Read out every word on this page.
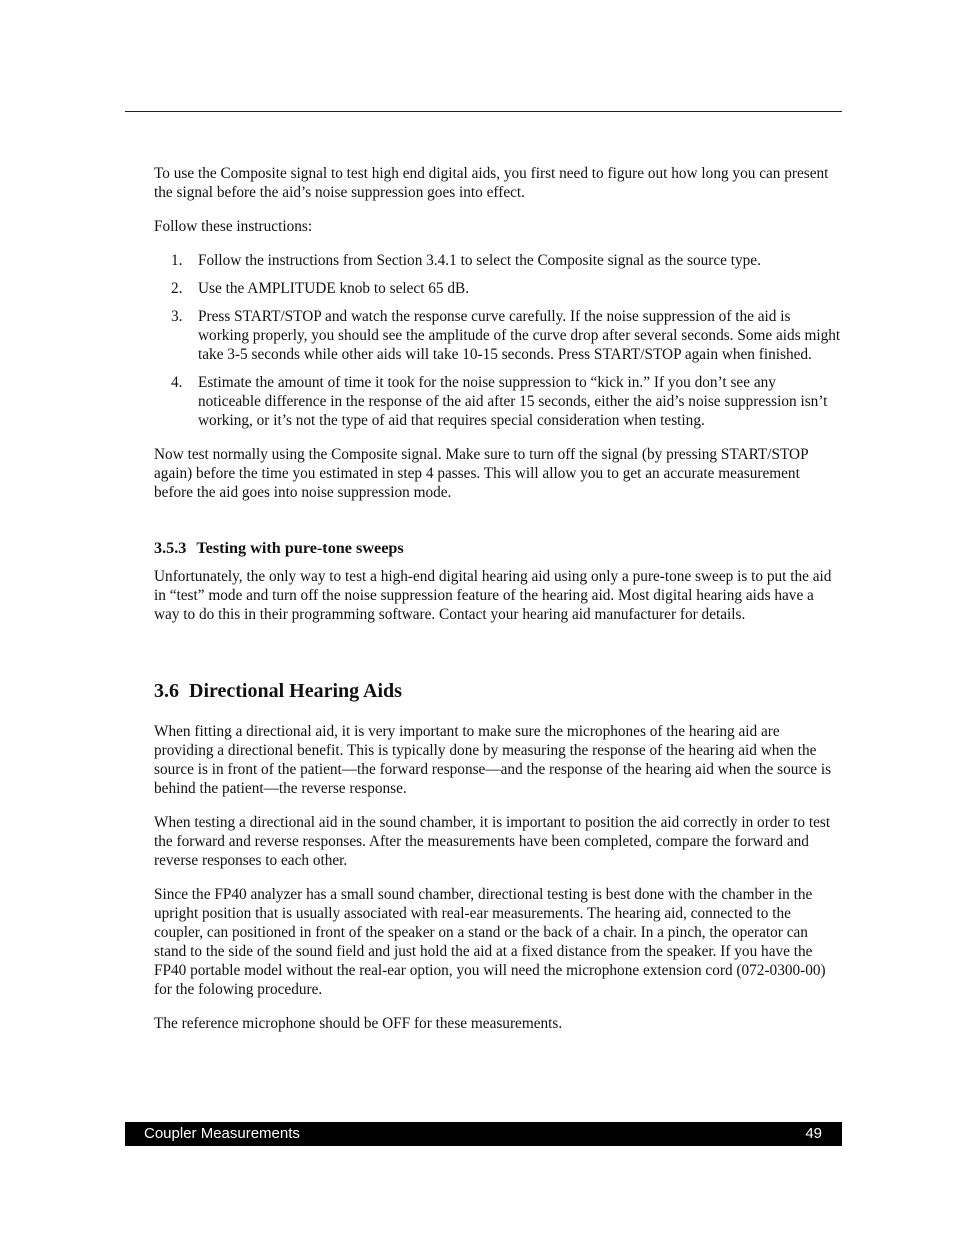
To use the Composite signal to test high end digital aids, you first need to figure out how long you can present the signal before the aid’s noise suppression goes into effect.

Follow these instructions:

1. Follow the instructions from Section 3.4.1 to select the Composite signal as the source type.
2. Use the AMPLITUDE knob to select 65 dB.
3. Press START/STOP and watch the response curve carefully. If the noise suppression of the aid is working properly, you should see the amplitude of the curve drop after several seconds. Some aids might take 3-5 seconds while other aids will take 10-15 seconds. Press START/STOP again when finished.
4. Estimate the amount of time it took for the noise suppression to “kick in.” If you don’t see any noticeable difference in the response of the aid after 15 seconds, either the aid’s noise suppression isn’t working, or it’s not the type of aid that requires special consideration when testing.

Now test normally using the Composite signal. Make sure to turn off the signal (by pressing START/STOP again) before the time you estimated in step 4 passes. This will allow you to get an accurate measurement before the aid goes into noise suppression mode.

3.5.3 Testing with pure-tone sweeps

Unfortunately, the only way to test a high-end digital hearing aid using only a pure-tone sweep is to put the aid in “test” mode and turn off the noise suppression feature of the hearing aid. Most digital hearing aids have a way to do this in their programming software. Contact your hearing aid manufacturer for details.

3.6 Directional Hearing Aids

When fitting a directional aid, it is very important to make sure the microphones of the hearing aid are providing a directional benefit. This is typically done by measuring the response of the hearing aid when the source is in front of the patient—the forward response—and the response of the hearing aid when the source is behind the patient—the reverse response.

When testing a directional aid in the sound chamber, it is important to position the aid correctly in order to test the forward and reverse responses. After the measurements have been completed, compare the forward and reverse responses to each other.

Since the FP40 analyzer has a small sound chamber, directional testing is best done with the chamber in the upright position that is usually associated with real-ear measurements. The hearing aid, connected to the coupler, can positioned in front of the speaker on a stand or the back of a chair. In a pinch, the operator can stand to the side of the sound field and just hold the aid at a fixed distance from the speaker. If you have the FP40 portable model without the real-ear option, you will need the microphone extension cord (072-0300-00) for the folowing procedure.

The reference microphone should be OFF for these measurements.

Coupler Measurements	49
